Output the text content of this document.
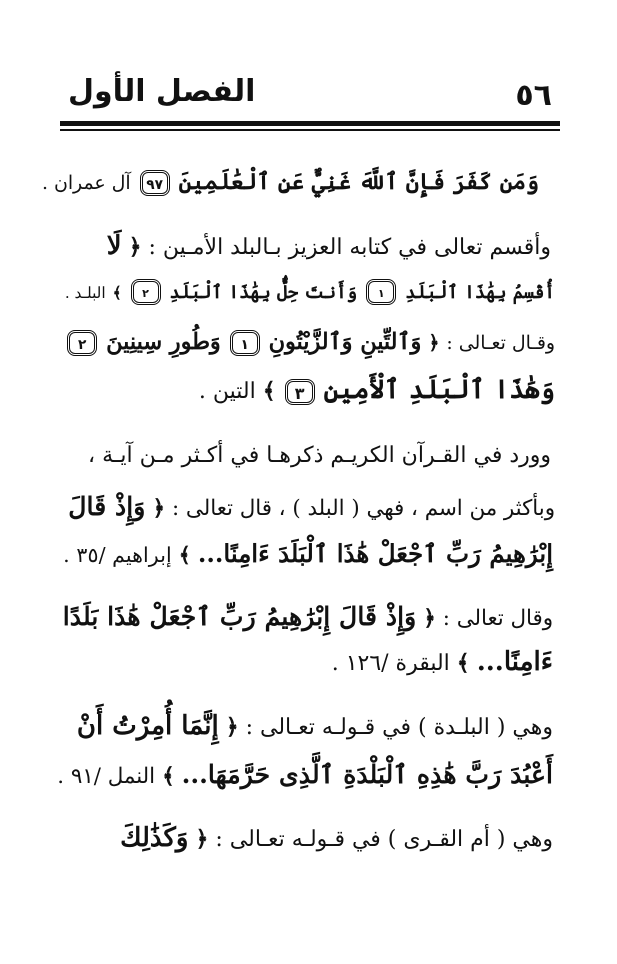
٥٦
الفصل الأول
وَمَن كَفَرَ فَإِنَّ ٱللَّهَ غَنِيٌّ عَنِ ٱلْعَٰلَمِينَ ٩٧ آل عمران .
وأقسم تعالى في كتابه العزيز بـالبلد الأمـين : ﴿ لَا
أُقْسِمُ بِهَٰذَا ٱلْبَلَدِ ١ وَأَنتَ حِلٌّۢ بِهَٰذَا ٱلْبَلَدِ ٢ ﴾ البلـد .
وقـال تعـالى : ﴿ وَٱلتِّينِ وَٱلزَّيْتُونِ ١ وَطُورِ سِينِينَ ٢
وَهَٰذَا ٱلْبَلَدِ ٱلْأَمِينِ ٣ ﴾ التين .
وورد في القـرآن الكريـم ذكرهـا في أكـثر مـن آيـة ،
وبأكثر من اسم ، فهي ( البلد ) ، قال تعالى : ﴿ وَإِذْ قَالَ
إِبْرَٰهِيمُ رَبِّ ٱجْعَلْ هَٰذَا ٱلْبَلَدَ ءَامِنًا... ﴾ إبراهيم /٣٥ .
وقال تعالى : ﴿ وَإِذْ قَالَ إِبْرَٰهِيمُ رَبِّ ٱجْعَلْ هَٰذَا بَلَدًا
ءَامِنًا... ﴾ البقرة /١٢٦ .
وهي ( البلـدة ) في قـولـه تعـالى : ﴿ إِنَّمَا أُمِرْتُ أَنْ
أَعْبُدَ رَبَّ هَٰذِهِ ٱلْبَلْدَةِ ٱلَّذِى حَرَّمَهَا... ﴾ النمل /٩١ .
وهي ( أم القـرى ) في قـولـه تعـالى : ﴿ وَكَذَٰلِكَ
